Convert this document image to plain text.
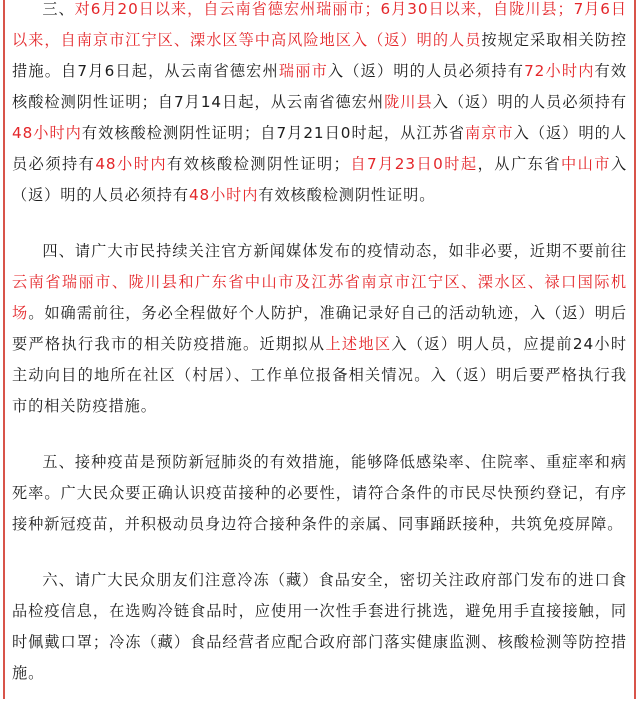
三、对6月20日以来，自云南省德宏州瑞丽市；6月30日以来，自陇川县；7月6日以来，自南京市江宁区、溧水区等中高风险地区入（返）明的人员按规定采取相关防控措施。自7月6日起，从云南省德宏州瑞丽市入（返）明的人员必须持有72小时内有效核酸检测阴性证明；自7月14日起，从云南省德宏州陇川县入（返）明的人员必须持有48小时内有效核酸检测阴性证明；自7月21日0时起，从江苏省南京市入（返）明的人员必须持有48小时内有效核酸检测阴性证明；自7月23日0时起，从广东省中山市入（返）明的人员必须持有48小时内有效核酸检测阴性证明。

四、请广大市民持续关注官方新闻媒体发布的疫情动态，如非必要，近期不要前往云南省瑞丽市、陇川县和广东省中山市及江苏省南京市江宁区、溧水区、禄口国际机场。如确需前往，务必全程做好个人防护，准确记录好自己的活动轨迹，入（返）明后要严格执行我市的相关防疫措施。近期拟从上述地区入（返）明人员，应提前24小时主动向目的地所在社区（村居）、工作单位报备相关情况。入（返）明后要严格执行我市的相关防疫措施。

五、接种疫苗是预防新冠肺炎的有效措施，能够降低感染率、住院率、重症率和病死率。广大民众要正确认识疫苗接种的必要性，请符合条件的市民尽快预约登记，有序接种新冠疫苗，并积极动员身边符合接种条件的亲属、同事踊跃接种，共筑免疫屏障。

六、请广大民众朋友们注意冷冻（藏）食品安全，密切关注政府部门发布的进口食品检疫信息，在选购冷链食品时，应使用一次性手套进行挑选，避免用手直接接触，同时佩戴口罩；冷冻（藏）食品经营者应配合政府部门落实健康监测、核酸检测等防控措施。
